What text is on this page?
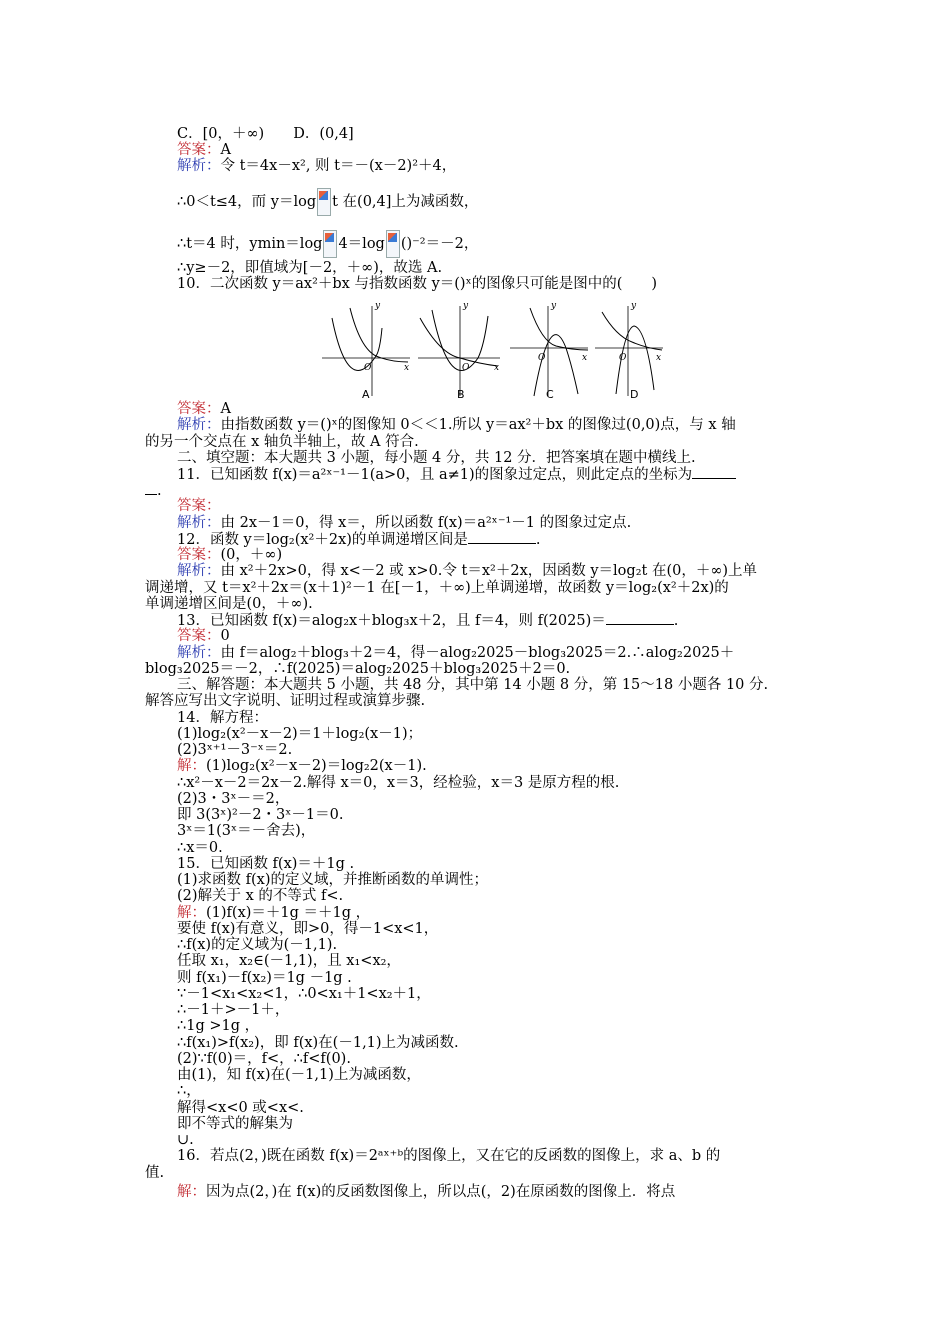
C．[0，＋∞)　　D．(0,4]
答案：A
解析：令 t＝4x－x², 则 t＝－(x－2)²＋4，
∴0＜t≤4，而 y＝log t 在(0,4]上为减函数，
∴t＝4 时，ymin＝log 4＝log ()⁻²＝－2，
∴y≥－2，即值域为[－2，＋∞)，故选 A.
10．二次函数 y＝ax²＋bx 与指数函数 y＝()ˣ的图像只可能是图中的(　　)
答案：A
解析：由指数函数 y＝()ˣ的图像知 0＜＜1.所以 y＝ax²＋bx 的图像过(0,0)点，与 x 轴
的另一个交点在 x 轴负半轴上，故 A 符合.
二、填空题：本大题共 3 小题，每小题 4 分，共 12 分．把答案填在题中横线上.
11．已知函数 f(x)＝a²ˣ⁻¹－1(a>0，且 a≠1)的图象过定点，则此定点的坐标为
.
答案：
解析：由 2x－1＝0，得 x＝，所以函数 f(x)＝a²ˣ⁻¹－1 的图象过定点.
12．函数 y＝log₂(x²＋2x)的单调递增区间是	.
答案：(0，＋∞)
解析：由 x²＋2x>0，得 x<－2 或 x>0.令 t＝x²＋2x，因函数 y＝log₂t 在(0，＋∞)上单
调递增，又 t＝x²＋2x＝(x＋1)²－1 在[－1，＋∞)上单调递增，故函数 y＝log₂(x²＋2x)的
单调递增区间是(0，＋∞).
13．已知函数 f(x)＝alog₂x＋blog₃x＋2，且 f＝4，则 f(2025)＝	.
答案：0
解析：由 f＝alog₂＋blog₃＋2＝4，得－alog₂2025－blog₃2025＝2.∴alog₂2025＋
blog₃2025＝－2，∴f(2025)＝alog₂2025＋blog₃2025＋2＝0.
三、解答题：本大题共 5 小题，共 48 分，其中第 14 小题 8 分，第 15～18 小题各 10 分.
解答应写出文字说明、证明过程或演算步骤.
14．解方程：
(1)log₂(x²－x－2)＝1＋log₂(x－1)；
(2)3ˣ⁺¹－3⁻ˣ＝2.
解：(1)log₂(x²－x－2)＝log₂2(x－1).
∴x²－x－2＝2x－2.解得 x＝0，x＝3，经检验，x＝3 是原方程的根.
(2)3・3ˣ－＝2，
即 3(3ˣ)²－2・3ˣ－1＝0.
3ˣ＝1(3ˣ＝－舍去)，
∴x＝0.
15．已知函数 f(x)＝＋1g .
(1)求函数 f(x)的定义域，并推断函数的单调性；
(2)解关于 x 的不等式 f<.
解：(1)f(x)＝＋1g ＝＋1g ，
要使 f(x)有意义，即>0，得－1<x<1，
∴f(x)的定义域为(－1,1).
任取 x₁，x₂∈(－1,1)，且 x₁<x₂，
则 f(x₁)－f(x₂)＝1g －1g .
∵－1<x₁<x₂<1，∴0<x₁＋1<x₂＋1，
∴－1＋>－1＋，
∴1g >1g ，
∴f(x₁)>f(x₂)，即 f(x)在(－1,1)上为减函数.
(2)∵f(0)＝，f<，∴f<f(0).
由(1)，知 f(x)在(－1,1)上为减函数，
∴，
解得<x<0 或<x<.
即不等式的解集为
∪.
16．若点(2，)既在函数 f(x)＝2ᵃˣ⁺ᵇ的图像上，又在它的反函数的图像上，求 a、b 的
值.
解：因为点(2，)在 f(x)的反函数图像上，所以点(，2)在原函数的图像上．将点
O	x
y
O	x
y
O	x
y
O	x
y
A	B	C	D
